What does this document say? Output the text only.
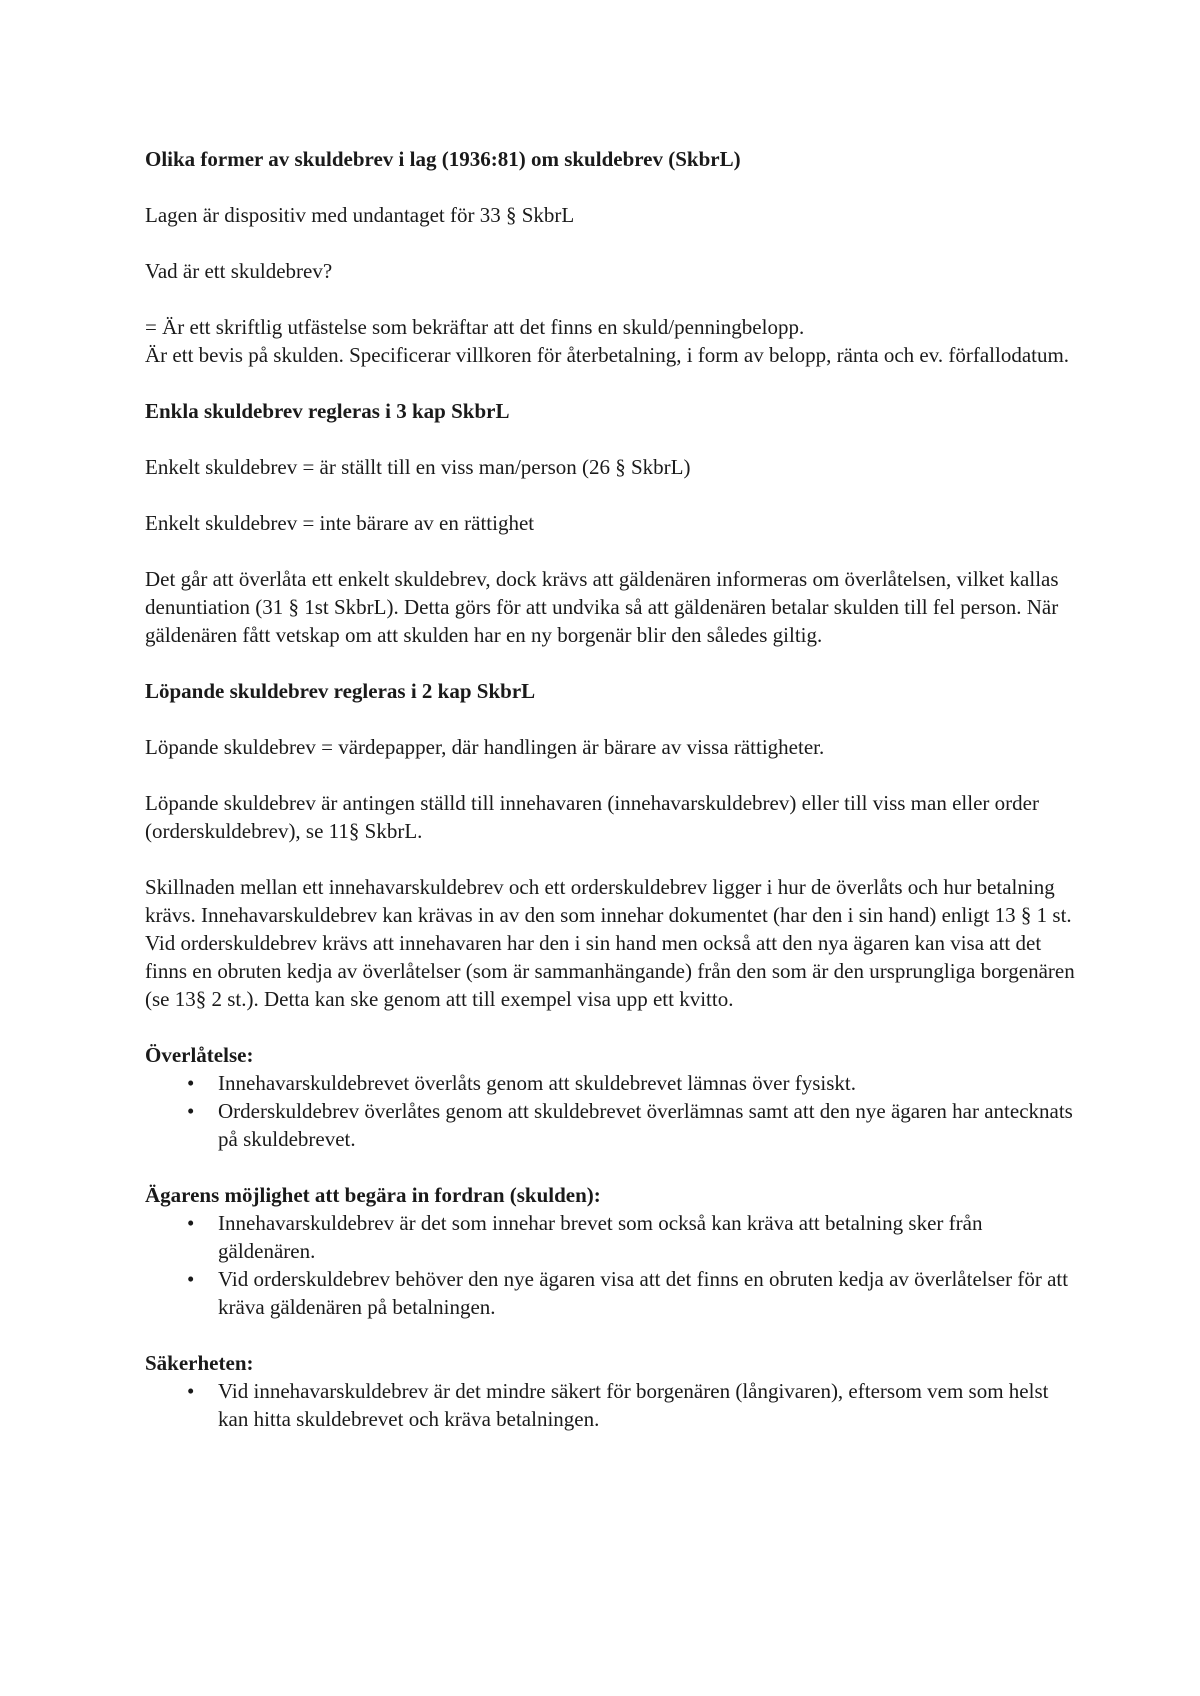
Olika former av skuldebrev i lag (1936:81) om skuldebrev (SkbrL)

Lagen är dispositiv med undantaget för 33 § SkbrL

Vad är ett skuldebrev?

= Är ett skriftlig utfästelse som bekräftar att det finns en skuld/penningbelopp.

Är ett bevis på skulden. Specificerar villkoren för återbetalning, i form av belopp, ränta och ev. förfallodatum.

Enkla skuldebrev regleras i 3 kap SkbrL

Enkelt skuldebrev = är ställt till en viss man/person (26 § SkbrL)

Enkelt skuldebrev = inte bärare av en rättighet

Det går att överlåta ett enkelt skuldebrev, dock krävs att gäldenären informeras om överlåtelsen, vilket kallas denuntiation (31 § 1st SkbrL). Detta görs för att undvika så att gäldenären betalar skulden till fel person. När gäldenären fått vetskap om att skulden har en ny borgenär blir den således giltig.

Löpande skuldebrev regleras i 2 kap SkbrL

Löpande skuldebrev = värdepapper, där handlingen är bärare av vissa rättigheter.

Löpande skuldebrev är antingen ställd till innehavaren (innehavarskuldebrev) eller till viss man eller order (orderskuldebrev), se 11§ SkbrL.

Skillnaden mellan ett innehavarskuldebrev och ett orderskuldebrev ligger i hur de överlåts och hur betalning krävs. Innehavarskuldebrev kan krävas in av den som innehar dokumentet (har den i sin hand) enligt 13 § 1 st. Vid orderskuldebrev krävs att innehavaren har den i sin hand men också att den nya ägaren kan visa att det finns en obruten kedja av överlåtelser (som är sammanhängande) från den som är den ursprungliga borgenären (se 13§ 2 st.). Detta kan ske genom att till exempel visa upp ett kvitto.

Överlåtelse:

• Innehavarskuldebrevet överlåts genom att skuldebrevet lämnas över fysiskt.
• Orderskuldebrev överlåtes genom att skuldebrevet överlämnas samt att den nye ägaren har antecknats på skuldebrevet.

Ägarens möjlighet att begära in fordran (skulden):

• Innehavarskuldebrev är det som innehar brevet som också kan kräva att betalning sker från gäldenären.
• Vid orderskuldebrev behöver den nye ägaren visa att det finns en obruten kedja av överlåtelser för att kräva gäldenären på betalningen.

Säkerheten:

• Vid innehavarskuldebrev är det mindre säkert för borgenären (långivaren), eftersom vem som helst kan hitta skuldebrevet och kräva betalningen.
